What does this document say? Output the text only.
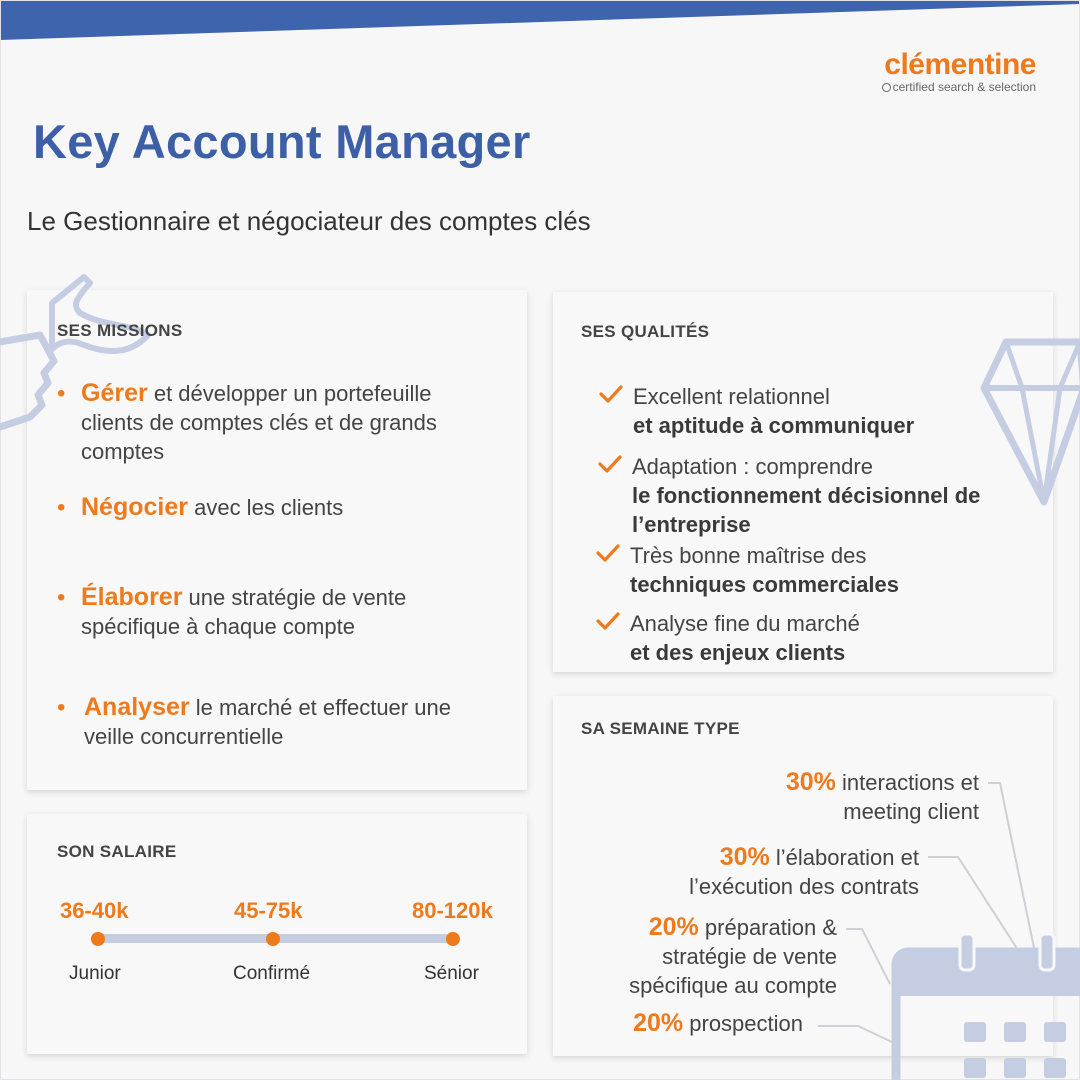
clémentine
certified search & selection
Key Account Manager
Le Gestionnaire et négociateur des comptes clés
SES MISSIONS
• Gérer et développer un portefeuille clients de comptes clés et de grands comptes
• Négocier avec les clients
• Élaborer une stratégie de vente spécifique à chaque compte
• Analyser le marché et effectuer une veille concurrentielle
SES QUALITÉS
Excellent relationnel
et aptitude à communiquer
Adaptation : comprendre
le fonctionnement décisionnel de l’entreprise
Très bonne maîtrise des
techniques commerciales
Analyse fine du marché
et des enjeux clients
SA SEMAINE TYPE
30% interactions et meeting client
30% l’élaboration et l’exécution des contrats
20% préparation & stratégie de vente spécifique au compte
20% prospection
SON SALAIRE
36-40k	45-75k	80-120k
Junior	Confirmé	Sénior
